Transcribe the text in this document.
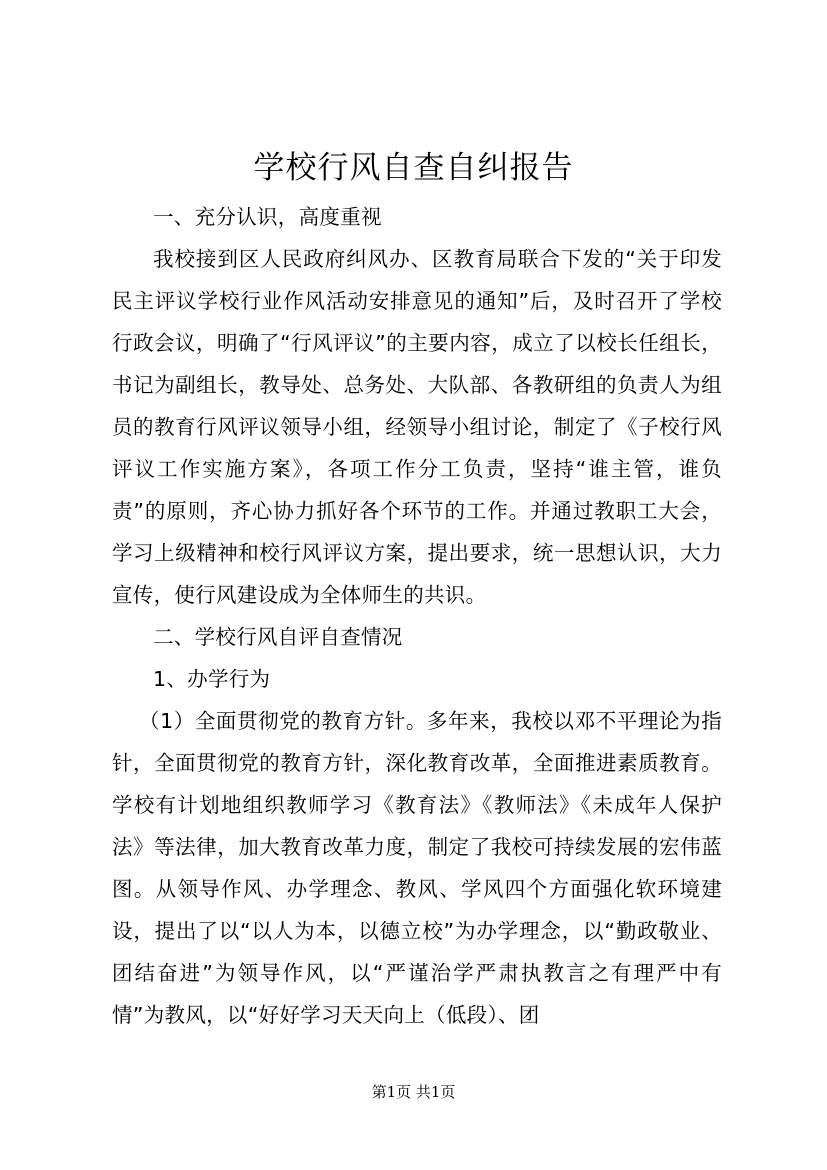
学校行风自查自纠报告

一、充分认识，高度重视

我校接到区人民政府纠风办、区教育局联合下发的“关于印发民主评议学校行业作风活动安排意见的通知”后，及时召开了学校行政会议，明确了“行风评议”的主要内容，成立了以校长任组长，书记为副组长，教导处、总务处、大队部、各教研组的负责人为组员的教育行风评议领导小组，经领导小组讨论，制定了《子校行风评议工作实施方案》，各项工作分工负责，坚持“谁主管，谁负责”的原则，齐心协力抓好各个环节的工作。并通过教职工大会，学习上级精神和校行风评议方案，提出要求，统一思想认识，大力宣传，使行风建设成为全体师生的共识。

二、学校行风自评自查情况

1、办学行为

（1）全面贯彻党的教育方针。多年来，我校以邓不平理论为指针，全面贯彻党的教育方针，深化教育改革，全面推进素质教育。学校有计划地组织教师学习《教育法》《教师法》《未成年人保护法》等法律，加大教育改革力度，制定了我校可持续发展的宏伟蓝图。从领导作风、办学理念、教风、学风四个方面强化软环境建设，提出了以“以人为本，以德立校”为办学理念，以“勤政敬业、团结奋进”为领导作风，以“严谨治学严肃执教言之有理严中有情”为教风，以“好好学习天天向上（低段）、团

第1页 共1页
